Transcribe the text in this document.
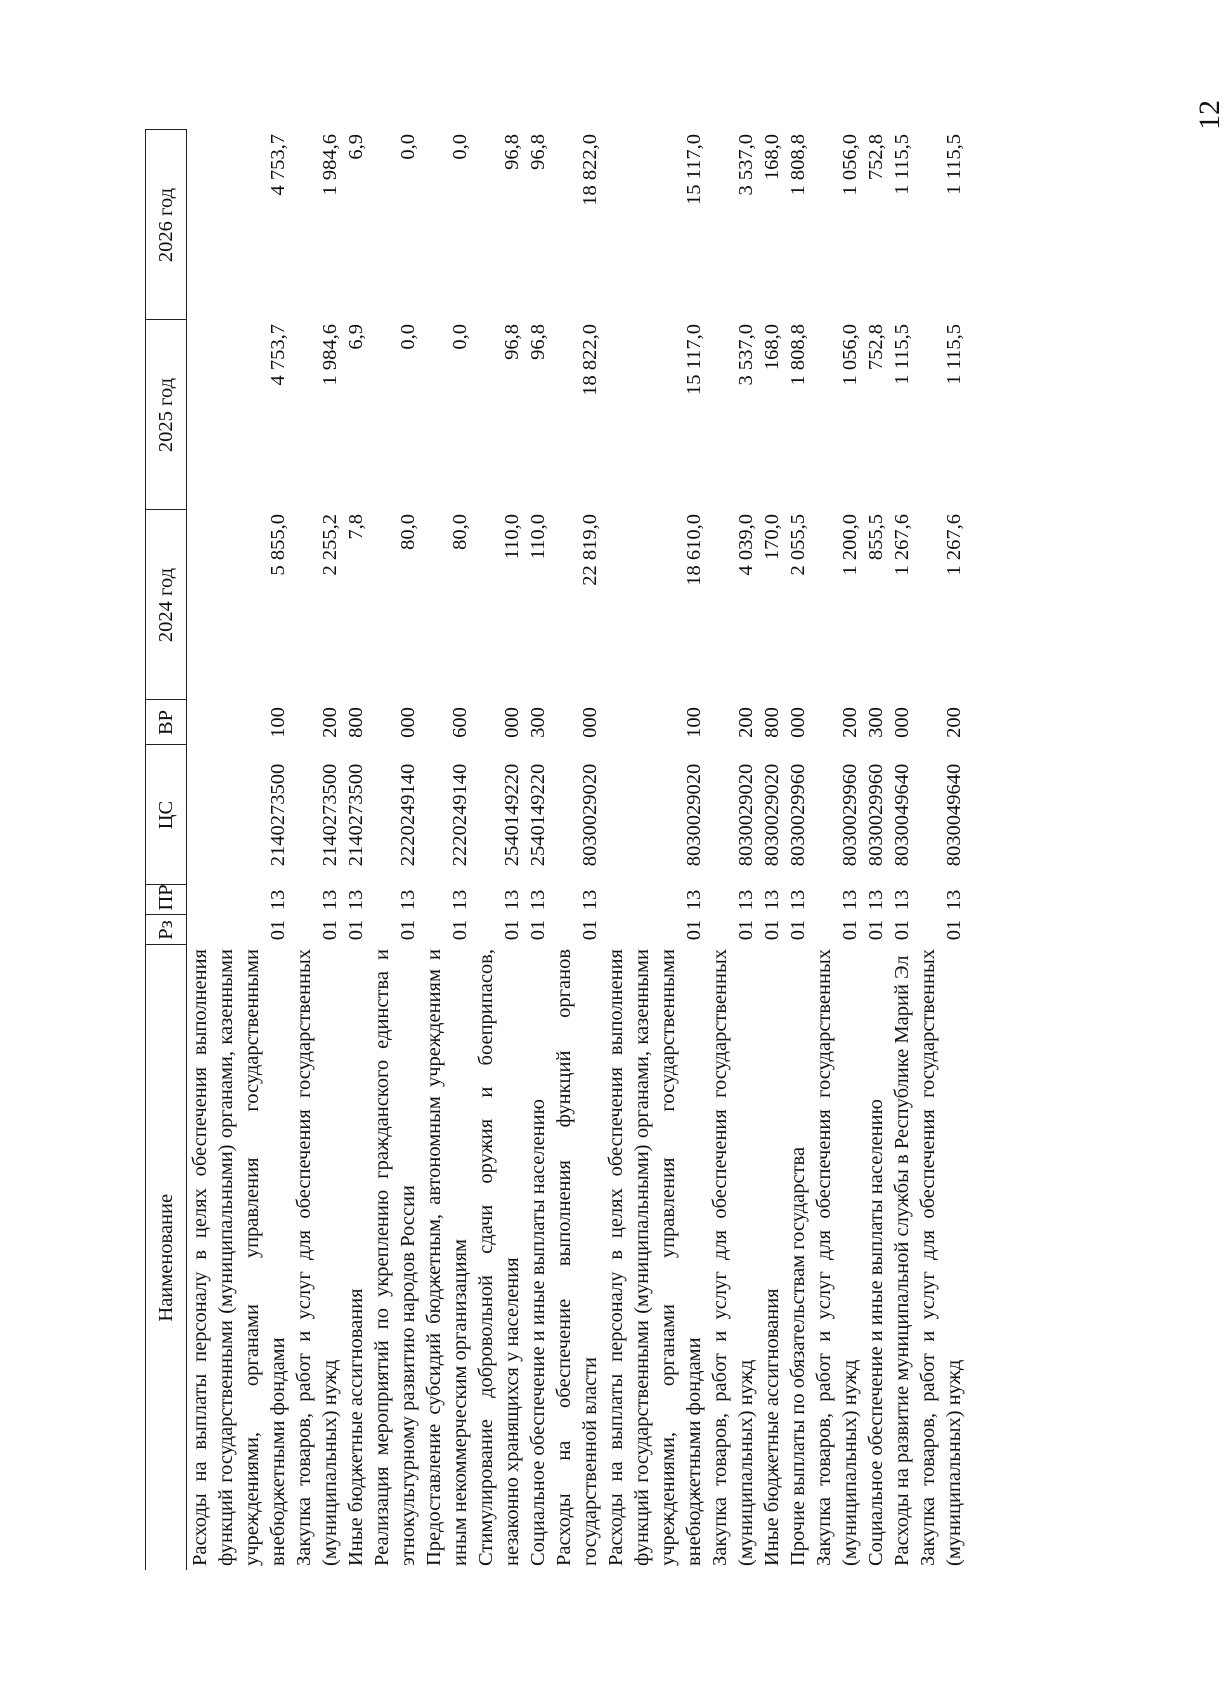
12
Наименование	Рз	ПР	ЦС	ВР	2024 год	2025 год	2026 год
Расходы на выплаты персоналу в целях обеспечения выполнения функций государственными (муниципальными) органами, казенными учреждениями, органами управления государственными внебюджетными фондами	01	13	2140273500	100	5 855,0	4 753,7	4 753,7
Закупка товаров, работ и услуг для обеспечения государственных (муниципальных) нужд	01	13	2140273500	200	2 255,2	1 984,6	1 984,6
Иные бюджетные ассигнования	01	13	2140273500	800	7,8	6,9	6,9
Реализация мероприятий по укреплению гражданского единства и этнокультурному развитию народов России	01	13	2220249140	000	80,0	0,0	0,0
Предоставление субсидий бюджетным, автономным учреждениям и иным некоммерческим организациям	01	13	2220249140	600	80,0	0,0	0,0
Стимулирование добровольной сдачи оружия и боеприпасов, незаконно хранящихся у населения	01	13	2540149220	000	110,0	96,8	96,8
Социальное обеспечение и иные выплаты населению	01	13	2540149220	300	110,0	96,8	96,8
Расходы на обеспечение выполнения функций органов государственной власти	01	13	8030029020	000	22 819,0	18 822,0	18 822,0
Расходы на выплаты персоналу в целях обеспечения выполнения функций государственными (муниципальными) органами, казенными учреждениями, органами управления государственными внебюджетными фондами	01	13	8030029020	100	18 610,0	15 117,0	15 117,0
Закупка товаров, работ и услуг для обеспечения государственных (муниципальных) нужд	01	13	8030029020	200	4 039,0	3 537,0	3 537,0
Иные бюджетные ассигнования	01	13	8030029020	800	170,0	168,0	168,0
Прочие выплаты по обязательствам государства	01	13	8030029960	000	2 055,5	1 808,8	1 808,8
Закупка товаров, работ и услуг для обеспечения государственных (муниципальных) нужд	01	13	8030029960	200	1 200,0	1 056,0	1 056,0
Социальное обеспечение и иные выплаты населению	01	13	8030029960	300	855,5	752,8	752,8
Расходы на развитие муниципальной службы в Республике Марий Эл	01	13	8030049640	000	1 267,6	1 115,5	1 115,5
Закупка товаров, работ и услуг для обеспечения государственных (муниципальных) нужд	01	13	8030049640	200	1 267,6	1 115,5	1 115,5
